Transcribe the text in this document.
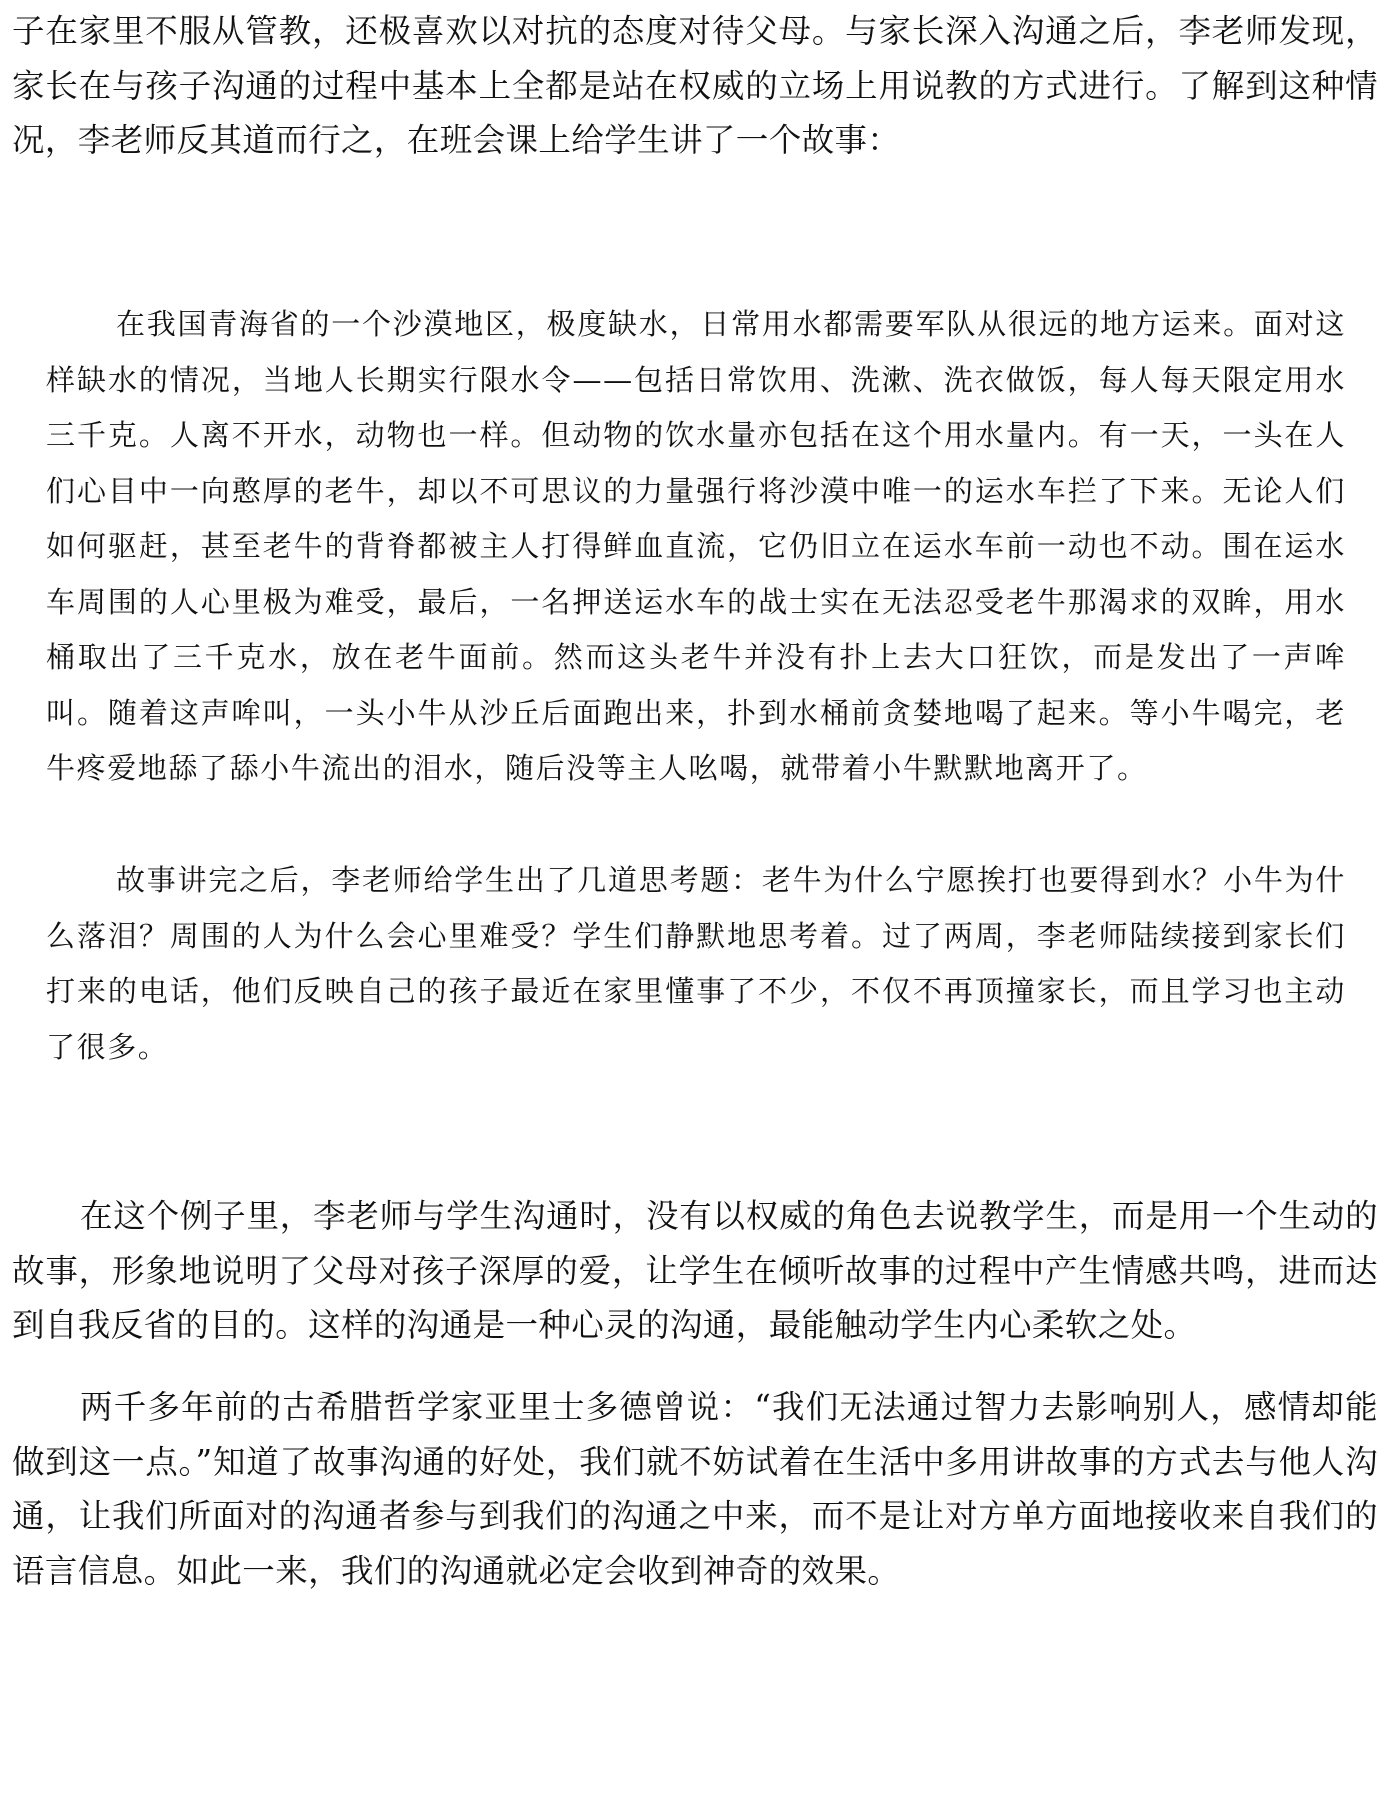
子在家里不服从管教，还极喜欢以对抗的态度对待父母。与家长深入沟通之后，李老师发现，家长在与孩子沟通的过程中基本上全都是站在权威的立场上用说教的方式进行。了解到这种情况，李老师反其道而行之，在班会课上给学生讲了一个故事：

在我国青海省的一个沙漠地区，极度缺水，日常用水都需要军队从很远的地方运来。面对这样缺水的情况，当地人长期实行限水令——包括日常饮用、洗漱、洗衣做饭，每人每天限定用水三千克。人离不开水，动物也一样。但动物的饮水量亦包括在这个用水量内。有一天，一头在人们心目中一向憨厚的老牛，却以不可思议的力量强行将沙漠中唯一的运水车拦了下来。无论人们如何驱赶，甚至老牛的背脊都被主人打得鲜血直流，它仍旧立在运水车前一动也不动。围在运水车周围的人心里极为难受，最后，一名押送运水车的战士实在无法忍受老牛那渴求的双眸，用水桶取出了三千克水，放在老牛面前。然而这头老牛并没有扑上去大口狂饮，而是发出了一声哞叫。随着这声哞叫，一头小牛从沙丘后面跑出来，扑到水桶前贪婪地喝了起来。等小牛喝完，老牛疼爱地舔了舔小牛流出的泪水，随后没等主人吆喝，就带着小牛默默地离开了。

故事讲完之后，李老师给学生出了几道思考题：老牛为什么宁愿挨打也要得到水？小牛为什么落泪？周围的人为什么会心里难受？学生们静默地思考着。过了两周，李老师陆续接到家长们打来的电话，他们反映自己的孩子最近在家里懂事了不少，不仅不再顶撞家长，而且学习也主动了很多。

在这个例子里，李老师与学生沟通时，没有以权威的角色去说教学生，而是用一个生动的故事，形象地说明了父母对孩子深厚的爱，让学生在倾听故事的过程中产生情感共鸣，进而达到自我反省的目的。这样的沟通是一种心灵的沟通，最能触动学生内心柔软之处。

两千多年前的古希腊哲学家亚里士多德曾说：“我们无法通过智力去影响别人，感情却能做到这一点。”知道了故事沟通的好处，我们就不妨试着在生活中多用讲故事的方式去与他人沟通，让我们所面对的沟通者参与到我们的沟通之中来，而不是让对方单方面地接收来自我们的语言信息。如此一来，我们的沟通就必定会收到神奇的效果。
